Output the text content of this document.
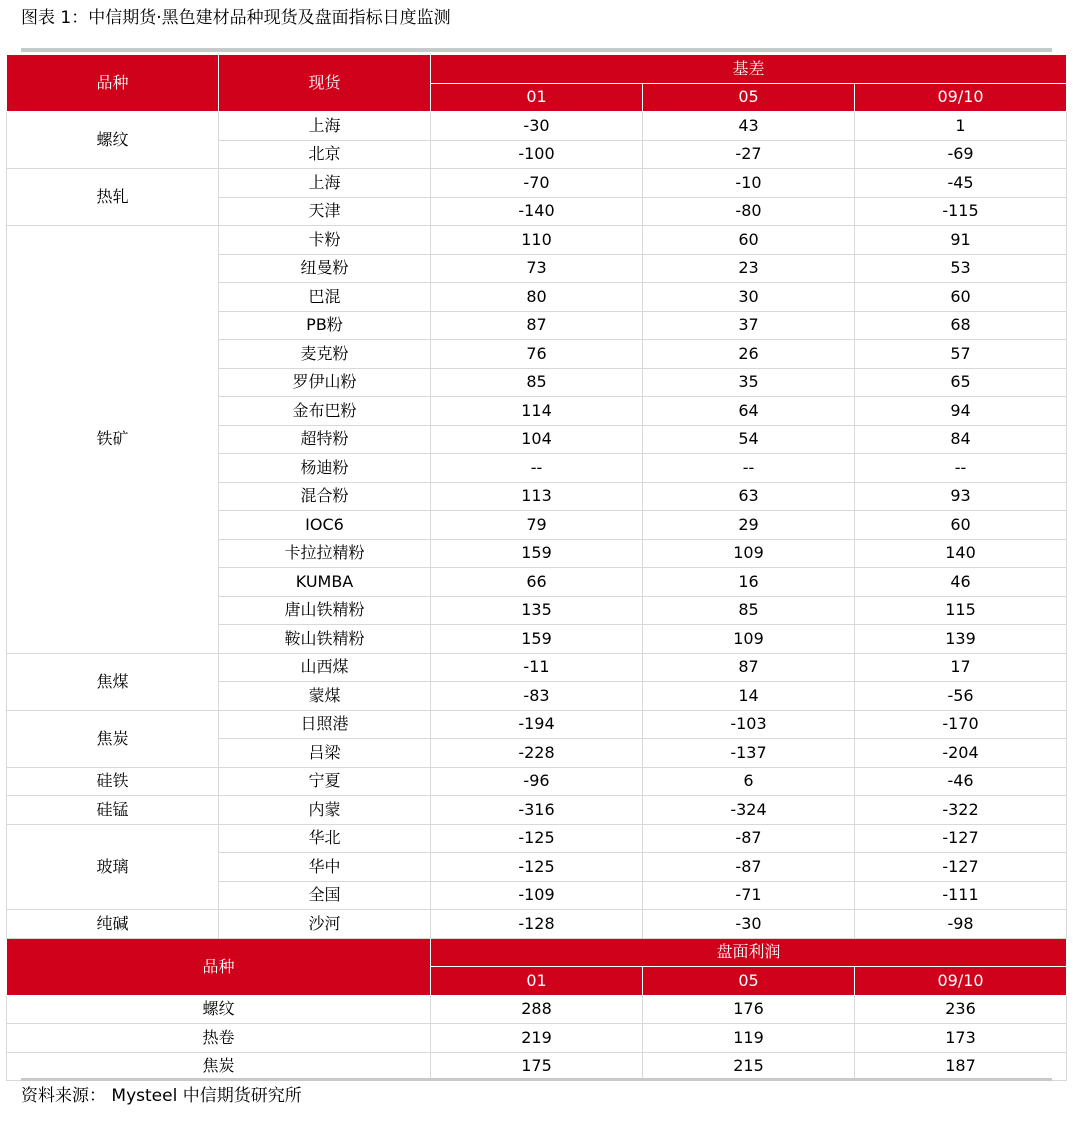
图表 1：中信期货·黑色建材品种现货及盘面指标日度监测
品种	现货	基差		
		01	05	09/10
螺纹	上海	-30	43	1
	北京	-100	-27	-69
热轧	上海	-70	-10	-45
	天津	-140	-80	-115
铁矿	卡粉	110	60	91
	纽曼粉	73	23	53
	巴混	80	30	60
	PB粉	87	37	68
	麦克粉	76	26	57
	罗伊山粉	85	35	65
	金布巴粉	114	64	94
	超特粉	104	54	84
	杨迪粉	--	--	--
	混合粉	113	63	93
	IOC6	79	29	60
	卡拉拉精粉	159	109	140
	KUMBA	66	16	46
	唐山铁精粉	135	85	115
	鞍山铁精粉	159	109	139
焦煤	山西煤	-11	87	17
	蒙煤	-83	14	-56
焦炭	日照港	-194	-103	-170
	吕梁	-228	-137	-204
硅铁	宁夏	-96	6	-46
硅锰	内蒙	-316	-324	-322
玻璃	华北	-125	-87	-127
	华中	-125	-87	-127
	全国	-109	-71	-111
纯碱	沙河	-128	-30	-98
品种		盘面利润		
		01	05	09/10
螺纹		288	176	236
热卷		219	119	173
焦炭		175	215	187
资料来源： Mysteel 中信期货研究所
